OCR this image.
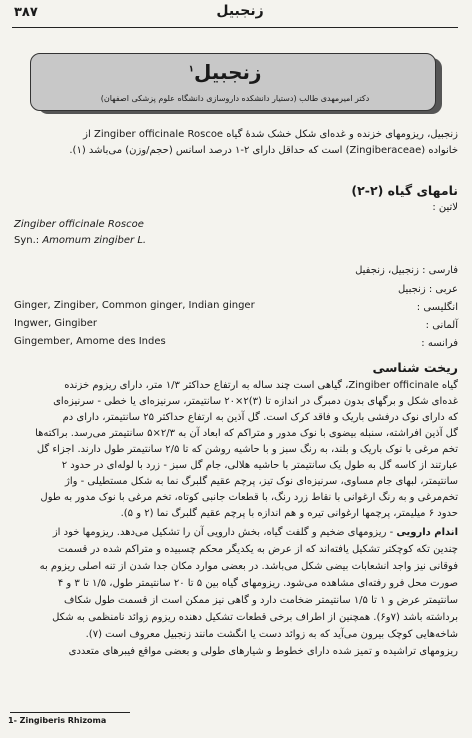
۳۸۷	زنجبیل
زنجبیل$^۱$
دکتر امیرمهدی طالب (دستیار دانشکده داروسازی دانشگاه علوم پزشکی اصفهان)
زنجبیل، ریزومهای خزنده و غده‌ای شکل خشک شدهٔ گیاه Zingiber officinale Roscoe از
خانواده (Zingiberaceae) است که حداقل دارای ۲-۱ درصد اسانس (حجم/وزن) می‌باشد (۱).
نامهای گیاه (۲-۲)
لاتین :
Zingiber officinale Roscoe
Syn.: Amomum zingiber L.
فارسی : زنجبیل، زنجفیل
عربی : زنجبیل
انگلیسی :
Ginger, Zingiber, Common ginger, Indian ginger
آلمانی :
Ingwer, Gingiber
فرانسه :
Gingember, Amome des Indes
ریخت شناسی
گیاه Zingiber officinale، گیاهی است چند ساله به ارتفاع حداکثر ۱/۳ متر، دارای ریزوم خزنده
غده‌ای شکل و برگهای بدون دمبرگ در اندازه تا (۳)۲×۲۰ سانتیمتر، سرنیزه‌ای یا خطی - سرنیزه‌ای
که دارای نوک درفشی باریک و فاقد کرک است. گل آذین به ارتفاع حداکثر ۲۵ سانتیمتر، دارای دم
گل آذین افراشته، سنبله بیضوی با نوک مدور و متراکم که ابعاد آن به ۲/۳×۵ سانتیمتر می‌رسد. براکته‌ها
تخم مرغی با نوک باریک و بلند، به رنگ سبز و با حاشیه روشن که تا ۲/۵ سانتیمتر طول دارند. اجزاء گل
عبارتند از کاسه گل به طول یک سانتیمتر با حاشیه هلالی، جام گل سبز - زرد با لوله‌ای در حدود ۲
سانتیمتر، لبهای جام مساوی، سرنیزه‌ای نوک تیز، پرچم عقیم گلبرگ نما به شکل مستطیلی - واژ
تخم‌مرغی و به رنگ ارغوانی با نقاط زرد رنگ، با قطعات جانبی کوتاه، تخم مرغی با نوک مدور به طول
حدود ۶ میلیمتر، پرچمها ارغوانی تیره و هم اندازه با پرچم عقیم گلبرگ نما (۲ و ۵).
اندام دارویی - ریزومهای ضخیم و گلفت گیاه، بخش دارویی آن را تشکیل می‌دهد. ریزومها خود از
چندین تکه کوچکتر تشکیل یافته‌اند که از عرض به یکدیگر محکم چسبیده و متراکم شده در قسمت
فوقانی نیز واجد انشعابات بیضی شکل می‌باشد. در بعضی موارد مکان جدا شدن از تنه اصلی ریزوم به
صورت محل فرو رفته‌ای مشاهده می‌شود. ریزومهای گیاه بین ۵ تا ۲۰ سانتیمتر طول، ۱/۵ تا ۳ و ۴
سانتیمتر عرض و ۱ تا ۱/۵ سانتیمتر ضخامت دارد و گاهی نیز ممکن است از قسمت طول شکاف
برداشته باشد (۷و۶). همچنین از اطراف برخی قطعات تشکیل دهنده ریزوم زوائد نامنظمی به شکل
شاخه‌هایی کوچک بیرون می‌آید که به زوائد دست یا انگشت مانند زنجبیل معروف است (۷).
ریزومهای تراشیده و تمیز شده دارای خطوط و شیارهای طولی و بعضی مواقع فیبرهای متعددی
1- Zingiberis Rhizoma
